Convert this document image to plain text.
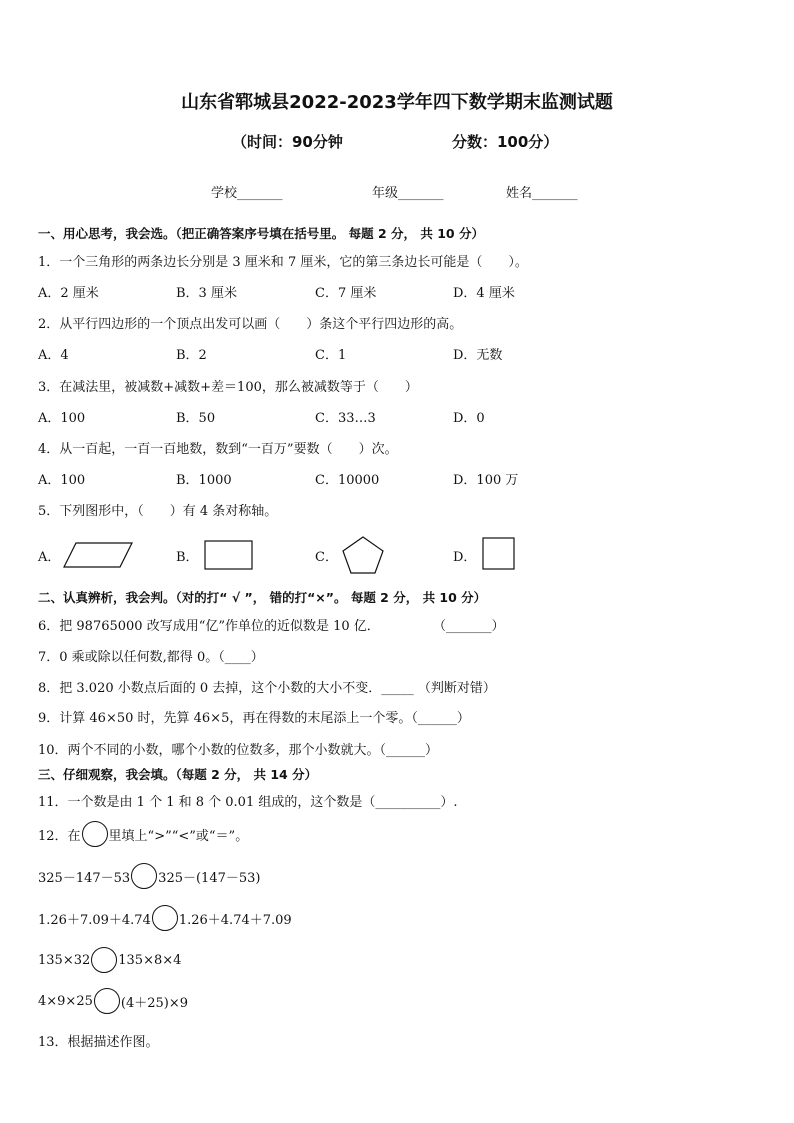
山东省郓城县2022-2023学年四下数学期末监测试题
（时间：90分钟	分数：100分）
学校_______	年级_______	姓名_______
一、用心思考，我会选。（把正确答案序号填在括号里。 每题 2 分， 共 10 分）
1．一个三角形的两条边长分别是 3 厘米和 7 厘米，它的第三条边长可能是（　　）。
A．2 厘米	B．3 厘米	C．7 厘米	D．4 厘米
2．从平行四边形的一个顶点出发可以画（　　）条这个平行四边形的高。
A．4	B．2	C．1	D．无数
3．在减法里，被减数+减数+差＝100，那么被减数等于（　　）
A．100	B．50	C．33…3	D．0
4．从一百起，一百一百地数，数到“一百万”要数（　　）次。
A．100	B．1000	C．10000	D．100 万
5．下列图形中，（　　）有 4 条对称轴。
A．	B．	C．	D．
二、认真辨析，我会判。（对的打“ √ ”， 错的打“×”。 每题 2 分， 共 10 分）
6．把 98765000 改写成用“亿”作单位的近似数是 10 亿．	（_______）
7．0 乘或除以任何数,都得 0。（____）
8．把 3.020 小数点后面的 0 去掉，这个小数的大小不变．_____ （判断对错）
9．计算 46×50 时，先算 46×5，再在得数的末尾添上一个零。（______）
10．两个不同的小数，哪个小数的位数多，那个小数就大。（______）
三、仔细观察，我会填。（每题 2 分， 共 14 分）
11．一个数是由 1 个 1 和 8 个 0.01 组成的，这个数是（__________）.
12．在 里填上“>”“<”或“＝”。
325－147－53 325－(147－53)
1.26＋7.09＋4.74 1.26＋4.74＋7.09
135×32 135×8×4
4×9×25 (4＋25)×9
13．根据描述作图。
